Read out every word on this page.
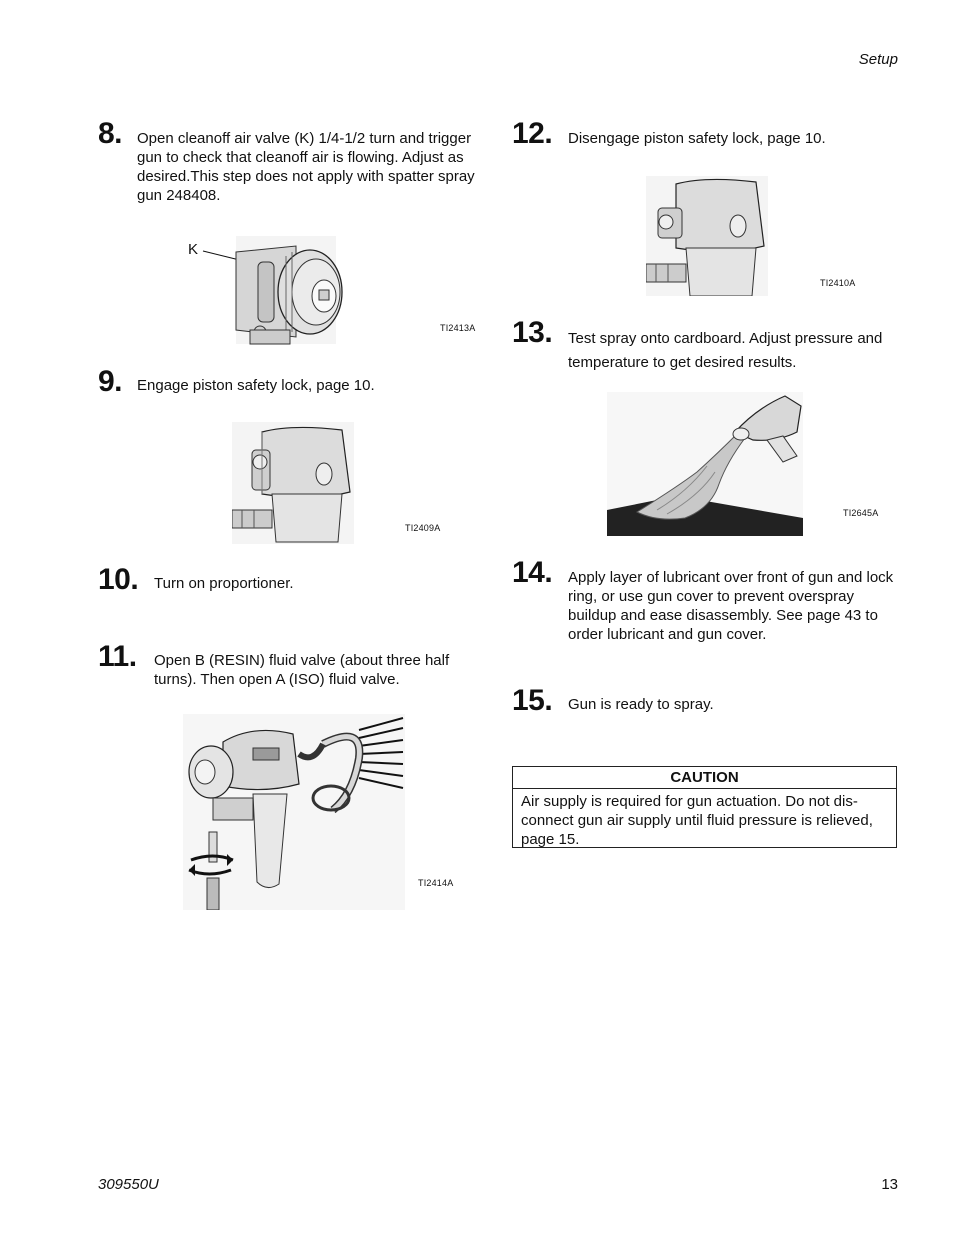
Setup
309550U	13
8. Open cleanoff air valve (K) 1/4-1/2 turn and trigger gun to check that cleanoff air is flowing. Adjust as desired.This step does not apply with spatter spray gun 248408.
K
TI2413A
9. Engage piston safety lock, page 10.
TI2409A
10. Turn on proportioner.
11. Open B (RESIN) fluid valve (about three half turns). Then open A (ISO) fluid valve.
TI2414A
12. Disengage piston safety lock, page 10.
TI2410A
13. Test spray onto cardboard. Adjust pressure and temperature to get desired results.
TI2645A
14. Apply layer of lubricant over front of gun and lock ring, or use gun cover to prevent overspray buildup and ease disassembly. See page 43 to order lubricant and gun cover.
15. Gun is ready to spray.
CAUTION
Air supply is required for gun actuation. Do not dis-connect gun air supply until fluid pressure is relieved, page 15.
